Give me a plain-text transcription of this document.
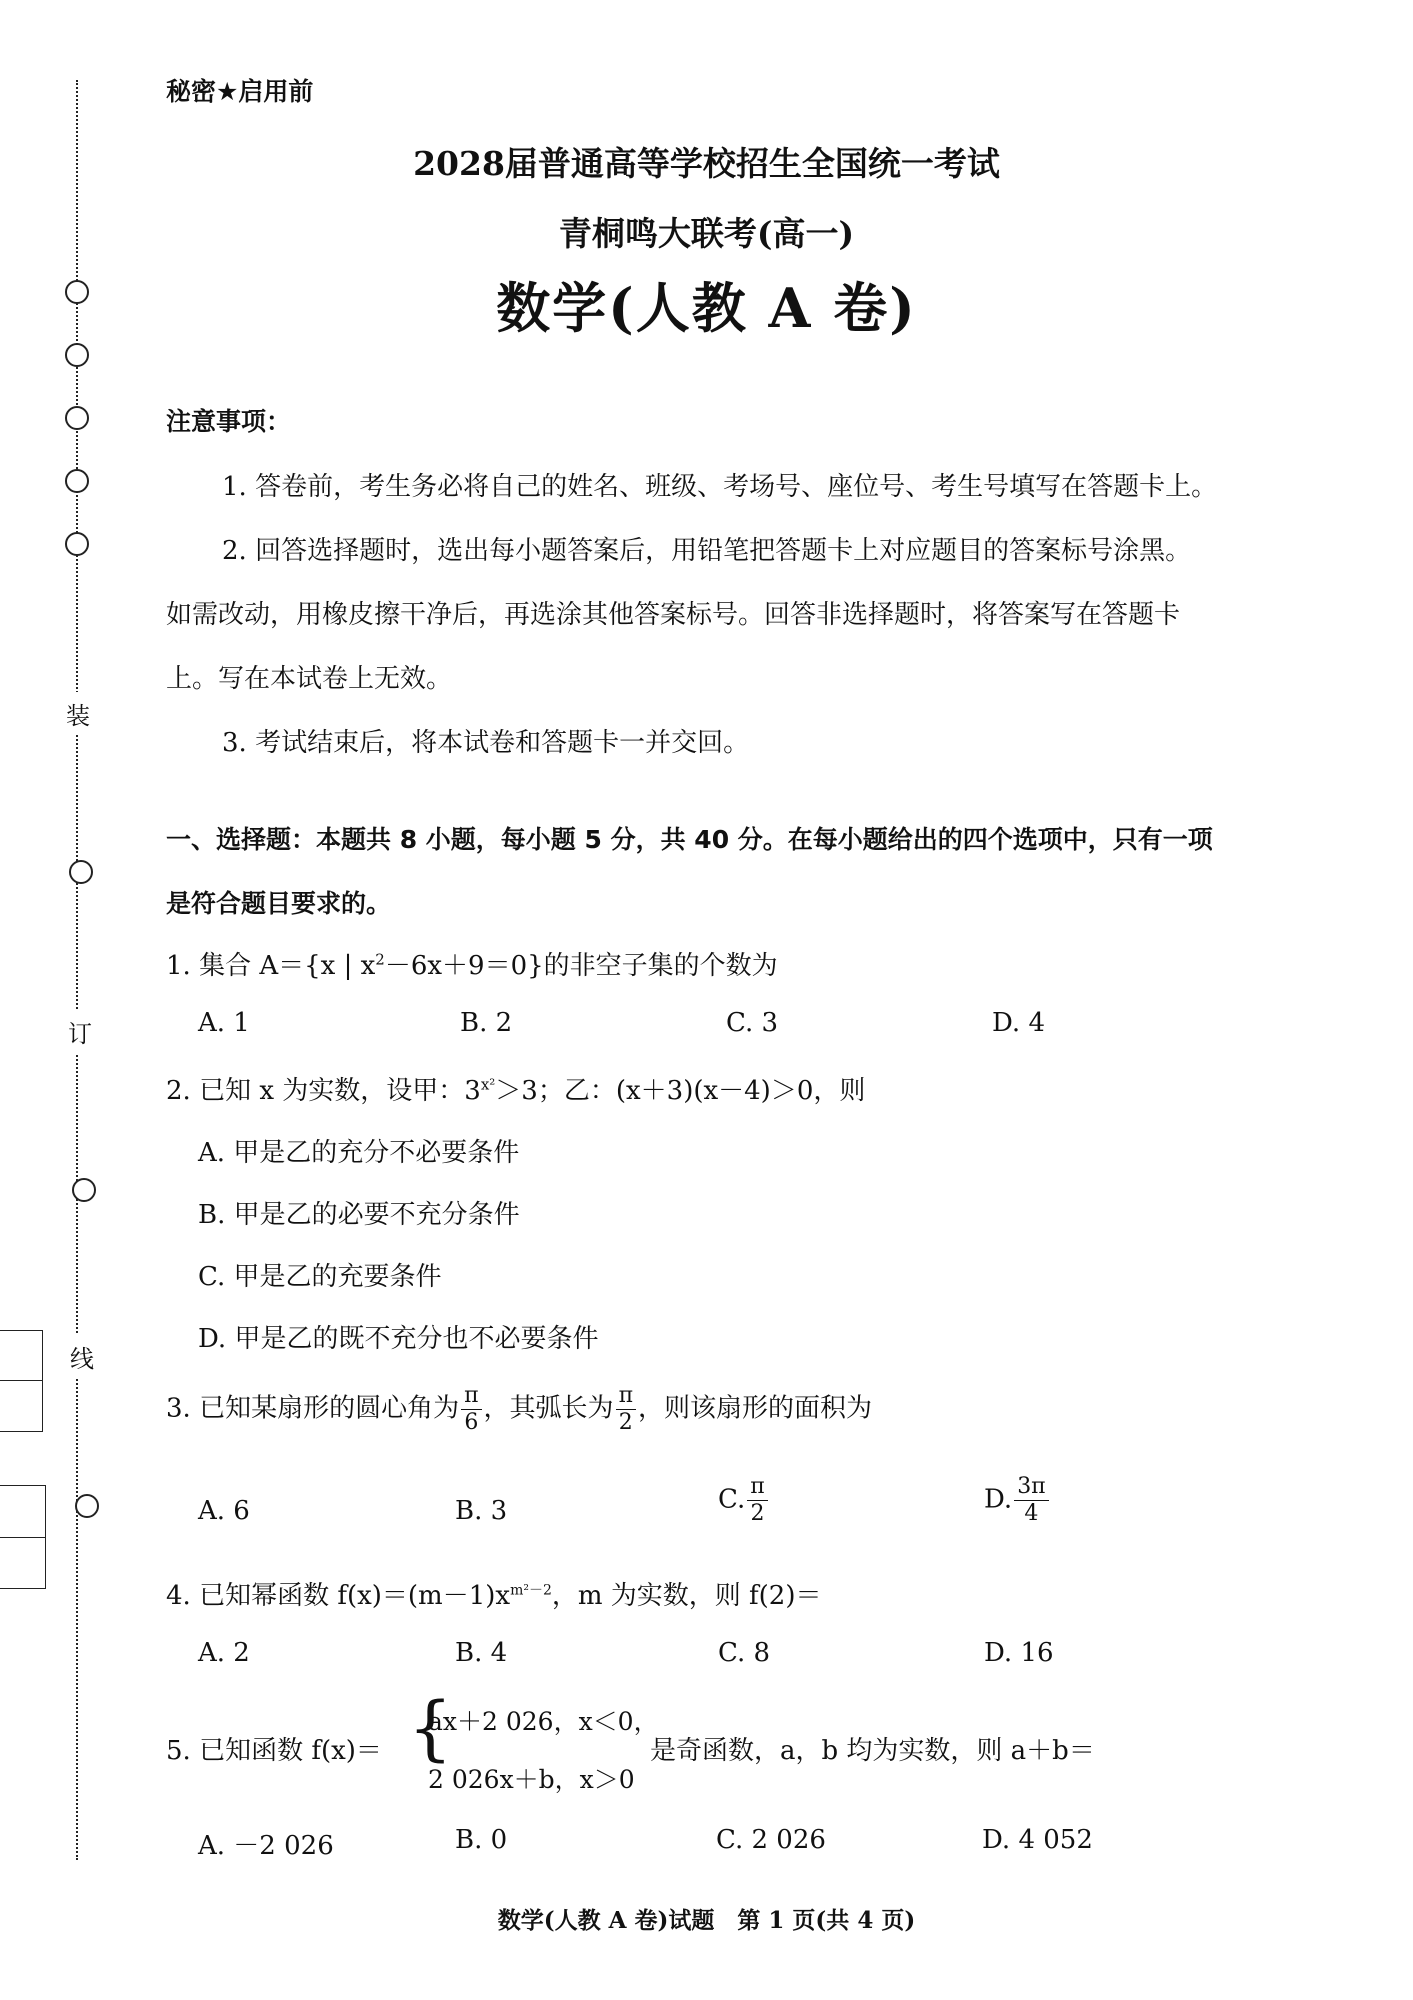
装
订
线
秘密★启用前
2028届普通高等学校招生全国统一考试
青桐鸣大联考(高一)
数学(人教 A 卷)
注意事项：
1. 答卷前，考生务必将自己的姓名、班级、考场号、座位号、考生号填写在答题卡上。
2. 回答选择题时，选出每小题答案后，用铅笔把答题卡上对应题目的答案标号涂黑。
如需改动，用橡皮擦干净后，再选涂其他答案标号。回答非选择题时，将答案写在答题卡
上。写在本试卷上无效。
3. 考试结束后，将本试卷和答题卡一并交回。
一、选择题：本题共 8 小题，每小题 5 分，共 40 分。在每小题给出的四个选项中，只有一项
是符合题目要求的。
1. 集合 A＝{x | $x^2-6x+9=0$}的非空子集的个数为
A. 1	B. 2	C. 3	D. 4
2. 已知 x 为实数，设甲：$3^{x^2}>3$；乙：(x＋3)(x－4)＞0，则
A. 甲是乙的充分不必要条件
B. 甲是乙的必要不充分条件
C. 甲是乙的充要条件
D. 甲是乙的既不充分也不必要条件
3. 已知某扇形的圆心角为 $\frac{\pi}{6}$ ，其弧长为 $\frac{\pi}{2}$ ，则该扇形的面积为
A. 6	B. 3	C. $\frac{\pi}{2}$	D. $\frac{3\pi}{4}$
4. 已知幂函数 $f(x)=(m-1)x^{m^2-2}$，m 为实数，则 f(2)＝
A. 2	B. 4	C. 8	D. 16
5. 已知函数 f(x)＝ {
ax＋2 026，x＜0，
2 026x＋b，x＞0
是奇函数，a，b 均为实数，则 a＋b＝
A. －2 026	B. 0	C. 2 026	D. 4 052
数学(人教 A 卷)试题　第 1 页(共 4 页)
